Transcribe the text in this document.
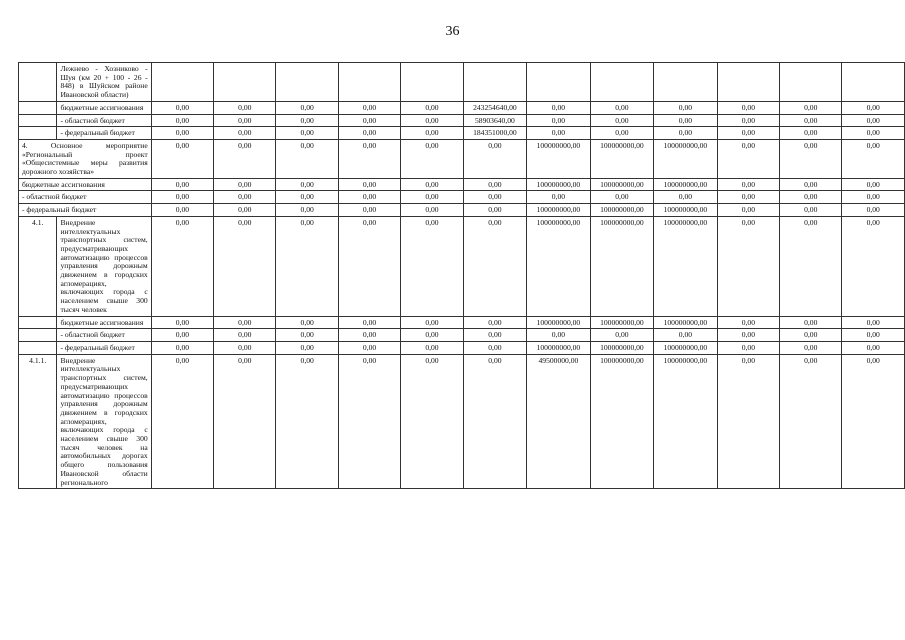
36
	Лежнево - Хозниково - Шуя (км 20 + 100 - 26 - 848) в Шуйском районе Ивановской области)												
	бюджетные ассигнования	0,00	0,00	0,00	0,00	0,00	243254640,00	0,00	0,00	0,00	0,00	0,00	0,00
	- областной бюджет	0,00	0,00	0,00	0,00	0,00	58903640,00	0,00	0,00	0,00	0,00	0,00	0,00
	- федеральный бюджет	0,00	0,00	0,00	0,00	0,00	184351000,00	0,00	0,00	0,00	0,00	0,00	0,00
4. Основное мероприятие «Региональный проект «Общесистемные меры развития дорожного хозяйства»		0,00	0,00	0,00	0,00	0,00	0,00	100000000,00	100000000,00	100000000,00	0,00	0,00	0,00
бюджетные ассигнования		0,00	0,00	0,00	0,00	0,00	0,00	100000000,00	100000000,00	100000000,00	0,00	0,00	0,00
- областной бюджет		0,00	0,00	0,00	0,00	0,00	0,00	0,00	0,00	0,00	0,00	0,00	0,00
- федеральный бюджет		0,00	0,00	0,00	0,00	0,00	0,00	100000000,00	100000000,00	100000000,00	0,00	0,00	0,00
4.1.	Внедрение интеллектуальных транспортных систем, предусматривающих автоматизацию процессов управления дорожным движением в городских агломерациях, включающих города с населением свыше 300 тысяч человек	0,00	0,00	0,00	0,00	0,00	0,00	100000000,00	100000000,00	100000000,00	0,00	0,00	0,00
	бюджетные ассигнования	0,00	0,00	0,00	0,00	0,00	0,00	100000000,00	100000000,00	100000000,00	0,00	0,00	0,00
	- областной бюджет	0,00	0,00	0,00	0,00	0,00	0,00	0,00	0,00	0,00	0,00	0,00	0,00
	- федеральный бюджет	0,00	0,00	0,00	0,00	0,00	0,00	100000000,00	100000000,00	100000000,00	0,00	0,00	0,00
4.1.1.	Внедрение интеллектуальных транспортных систем, предусматривающих автоматизацию процессов управления дорожным движением в городских агломерациях, включающих города с населением свыше 300 тысяч человек на автомобильных дорогах общего пользования Ивановской области регионального	0,00	0,00	0,00	0,00	0,00	0,00	49500000,00	100000000,00	100000000,00	0,00	0,00	0,00
